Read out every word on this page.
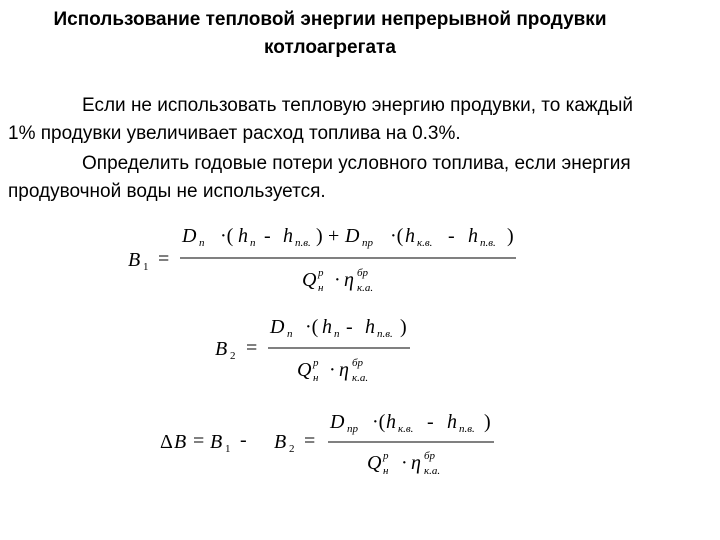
Использование тепловой энергии непрерывной продувки
котлоагрегата

Если не использовать тепловую энергию продувки, то каждый 1% продувки увеличивает расход топлива на 0.3%.

Определить годовые потери условного топлива, если энергия продувочной воды не используется.

B 1 =
D п ·( h п - h п.в. ) + D пр ·( h к.в. - h п.в. )
Q н
р · η к.а.
бр
B 2 =
D п ·( h п - h п.в. )
Q н
р · η к.а.
бр
Δ B = B 1 - B 2 =
D пр ·( h к.в. - h п.в. )
Q н
р · η к.а.
бр
